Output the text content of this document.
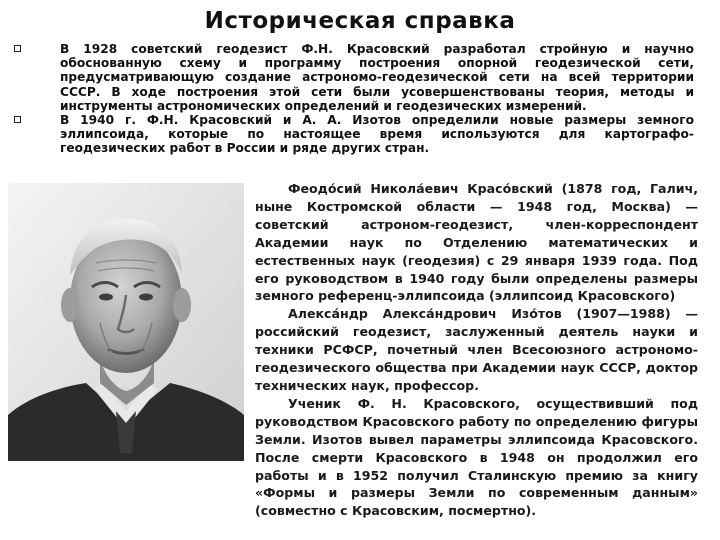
Историческая справка
В 1928 советский геодезист Ф.Н. Красовский разработал стройную и научно обоснованную схему и программу построения опорной геодезической сети, предусматривающую создание астрономо-геодезической сети на всей территории СССР. В ходе построения этой сети были усовершенствованы теория, методы и инструменты астрономических определений и геодезических измерений.
В 1940 г. Ф.Н. Красовский и А. А. Изотов определили новые размеры земного эллипсоида, которые по настоящее время используются для картографо-геодезических работ в России и ряде других стран.
Феодо́сий Никола́евич Красо́вский (1878 год, Галич, ныне Костромской области — 1948 год, Москва) — советский астроном-геодезист, член-корреспондент Академии наук по Отделению математических и естественных наук (геодезия) с 29 января 1939 года. Под его руководством в 1940 году были определены размеры земного референц-эллипсоида (эллипсоид Красовского)
Алекса́ндр Алекса́ндрович Изо́тов (1907—1988) — российский геодезист, заслуженный деятель науки и техники РСФСР, почетный член Всесоюзного астрономо-геодезического общества при Академии наук СССР, доктор технических наук, профессор.
Ученик Ф. Н. Красовского, осуществивший под руководством Красовского работу по определению фигуры Земли. Изотов вывел параметры эллипсоида Красовского. После смерти Красовского в 1948 он продолжил его работы и в 1952 получил Сталинскую премию за книгу «Формы и размеры Земли по современным данным» (совместно с Красовским, посмертно).
